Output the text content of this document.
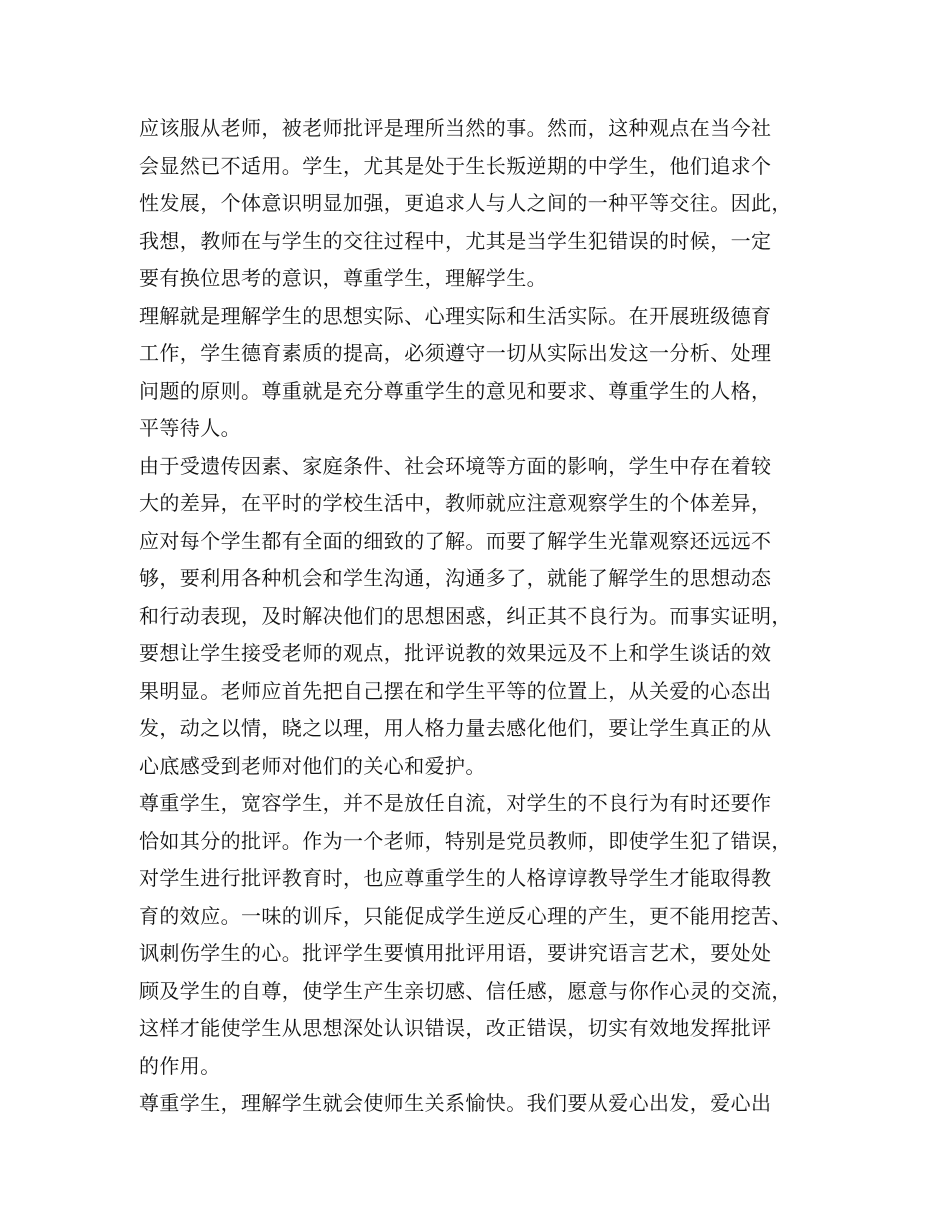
应该服从老师，被老师批评是理所当然的事。然而，这种观点在当今社
会显然已不适用。学生，尤其是处于生长叛逆期的中学生，他们追求个
性发展，个体意识明显加强，更追求人与人之间的一种平等交往。因此，
我想，教师在与学生的交往过程中，尤其是当学生犯错误的时候，一定
要有换位思考的意识，尊重学生，理解学生。

理解就是理解学生的思想实际、心理实际和生活实际。在开展班级德育
工作，学生德育素质的提高，必须遵守一切从实际出发这一分析、处理
问题的原则。尊重就是充分尊重学生的意见和要求、尊重学生的人格，
平等待人。

由于受遗传因素、家庭条件、社会环境等方面的影响，学生中存在着较
大的差异，在平时的学校生活中，教师就应注意观察学生的个体差异，
应对每个学生都有全面的细致的了解。而要了解学生光靠观察还远远不
够，要利用各种机会和学生沟通，沟通多了，就能了解学生的思想动态
和行动表现，及时解决他们的思想困惑，纠正其不良行为。而事实证明，
要想让学生接受老师的观点，批评说教的效果远及不上和学生谈话的效
果明显。老师应首先把自己摆在和学生平等的位置上，从关爱的心态出
发，动之以情，晓之以理，用人格力量去感化他们，要让学生真正的从
心底感受到老师对他们的关心和爱护。

尊重学生，宽容学生，并不是放任自流，对学生的不良行为有时还要作
恰如其分的批评。作为一个老师，特别是党员教师，即使学生犯了错误，
对学生进行批评教育时，也应尊重学生的人格谆谆教导学生才能取得教
育的效应。一味的训斥，只能促成学生逆反心理的产生，更不能用挖苦、
讽刺伤学生的心。批评学生要慎用批评用语，要讲究语言艺术，要处处
顾及学生的自尊，使学生产生亲切感、信任感，愿意与你作心灵的交流，
这样才能使学生从思想深处认识错误，改正错误，切实有效地发挥批评
的作用。

尊重学生，理解学生就会使师生关系愉快。我们要从爱心出发，爱心出
